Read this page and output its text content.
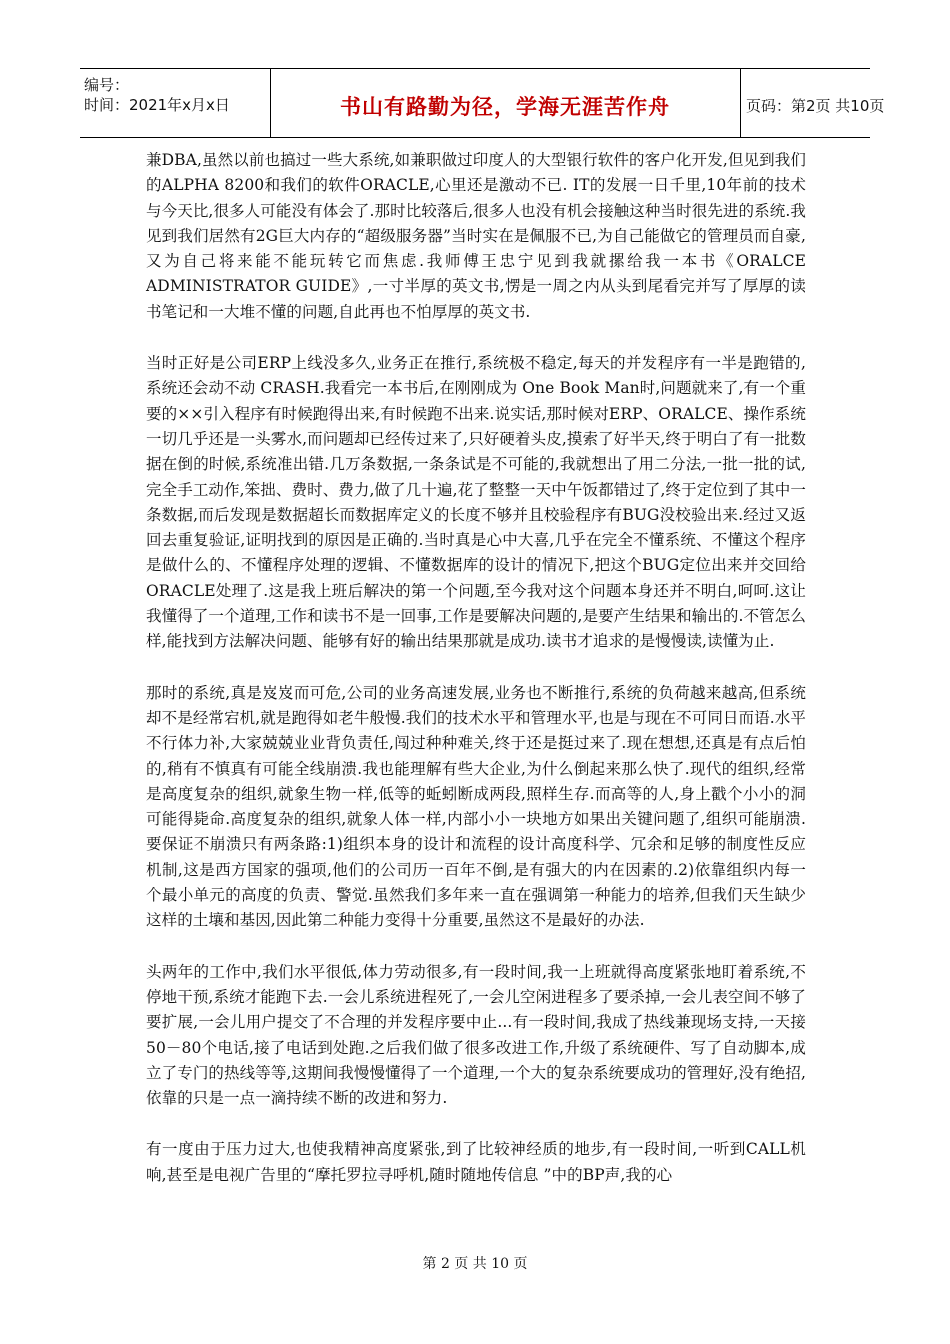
编号：
时间：2021年x月x日	书山有路勤为径，学海无涯苦作舟	页码：第2页 共10页

兼DBA,虽然以前也搞过一些大系统,如兼职做过印度人的大型银行软件的客户化开发,但见到我们的ALPHA 8200和我们的软件ORACLE,心里还是激动不已. IT的发展一日千里,10年前的技术与今天比,很多人可能没有体会了.那时比较落后,很多人也没有机会接触这种当时很先进的系统.我见到我们居然有2G巨大内存的“超级服务器”当时实在是佩服不已,为自己能做它的管理员而自豪,又为自己将来能不能玩转它而焦虑.我师傅王忠宁见到我就摞给我一本书《ORALCE ADMINISTRATOR GUIDE》,一寸半厚的英文书,愣是一周之内从头到尾看完并写了厚厚的读书笔记和一大堆不懂的问题,自此再也不怕厚厚的英文书.

当时正好是公司ERP上线没多久,业务正在推行,系统极不稳定,每天的并发程序有一半是跑错的,系统还会动不动 CRASH.我看完一本书后,在刚刚成为 One Book Man时,问题就来了,有一个重要的××引入程序有时候跑得出来,有时候跑不出来.说实话,那时候对ERP、ORALCE、操作系统一切几乎还是一头雾水,而问题却已经传过来了,只好硬着头皮,摸索了好半天,终于明白了有一批数据在倒的时候,系统准出错.几万条数据,一条条试是不可能的,我就想出了用二分法,一批一批的试,完全手工动作,笨拙、费时、费力,做了几十遍,花了整整一天中午饭都错过了,终于定位到了其中一条数据,而后发现是数据超长而数据库定义的长度不够并且校验程序有BUG没校验出来.经过又返回去重复验证,证明找到的原因是正确的.当时真是心中大喜,几乎在完全不懂系统、不懂这个程序是做什么的、不懂程序处理的逻辑、不懂数据库的设计的情况下,把这个BUG定位出来并交回给ORACLE处理了.这是我上班后解决的第一个问题,至今我对这个问题本身还并不明白,呵呵.这让我懂得了一个道理,工作和读书不是一回事,工作是要解决问题的,是要产生结果和输出的.不管怎么样,能找到方法解决问题、能够有好的输出结果那就是成功.读书才追求的是慢慢读,读懂为止.

那时的系统,真是岌岌而可危,公司的业务高速发展,业务也不断推行,系统的负荷越来越高,但系统却不是经常宕机,就是跑得如老牛般慢.我们的技术水平和管理水平,也是与现在不可同日而语.水平不行体力补,大家兢兢业业背负责任,闯过种种难关,终于还是挺过来了.现在想想,还真是有点后怕的,稍有不慎真有可能全线崩溃.我也能理解有些大企业,为什么倒起来那么快了.现代的组织,经常是高度复杂的组织,就象生物一样,低等的蚯蚓断成两段,照样生存.而高等的人,身上戳个小小的洞可能得毙命.高度复杂的组织,就象人体一样,内部小小一块地方如果出关键问题了,组织可能崩溃.要保证不崩溃只有两条路:1)组织本身的设计和流程的设计高度科学、冗余和足够的制度性反应机制,这是西方国家的强项,他们的公司历一百年不倒,是有强大的内在因素的.2)依靠组织内每一个最小单元的高度的负责、警觉.虽然我们多年来一直在强调第一种能力的培养,但我们天生缺少这样的土壤和基因,因此第二种能力变得十分重要,虽然这不是最好的办法.

头两年的工作中,我们水平很低,体力劳动很多,有一段时间,我一上班就得高度紧张地盯着系统,不停地干预,系统才能跑下去.一会儿系统进程死了,一会儿空闲进程多了要杀掉,一会儿表空间不够了要扩展,一会儿用户提交了不合理的并发程序要中止...有一段时间,我成了热线兼现场支持,一天接50－80个电话,接了电话到处跑.之后我们做了很多改进工作,升级了系统硬件、写了自动脚本,成立了专门的热线等等,这期间我慢慢懂得了一个道理,一个大的复杂系统要成功的管理好,没有绝招,依靠的只是一点一滴持续不断的改进和努力.

有一度由于压力过大,也使我精神高度紧张,到了比较神经质的地步,有一段时间,一听到CALL机响,甚至是电视广告里的“摩托罗拉寻呼机,随时随地传信息 ”中的BP声,我的心

第 2 页 共 10 页
